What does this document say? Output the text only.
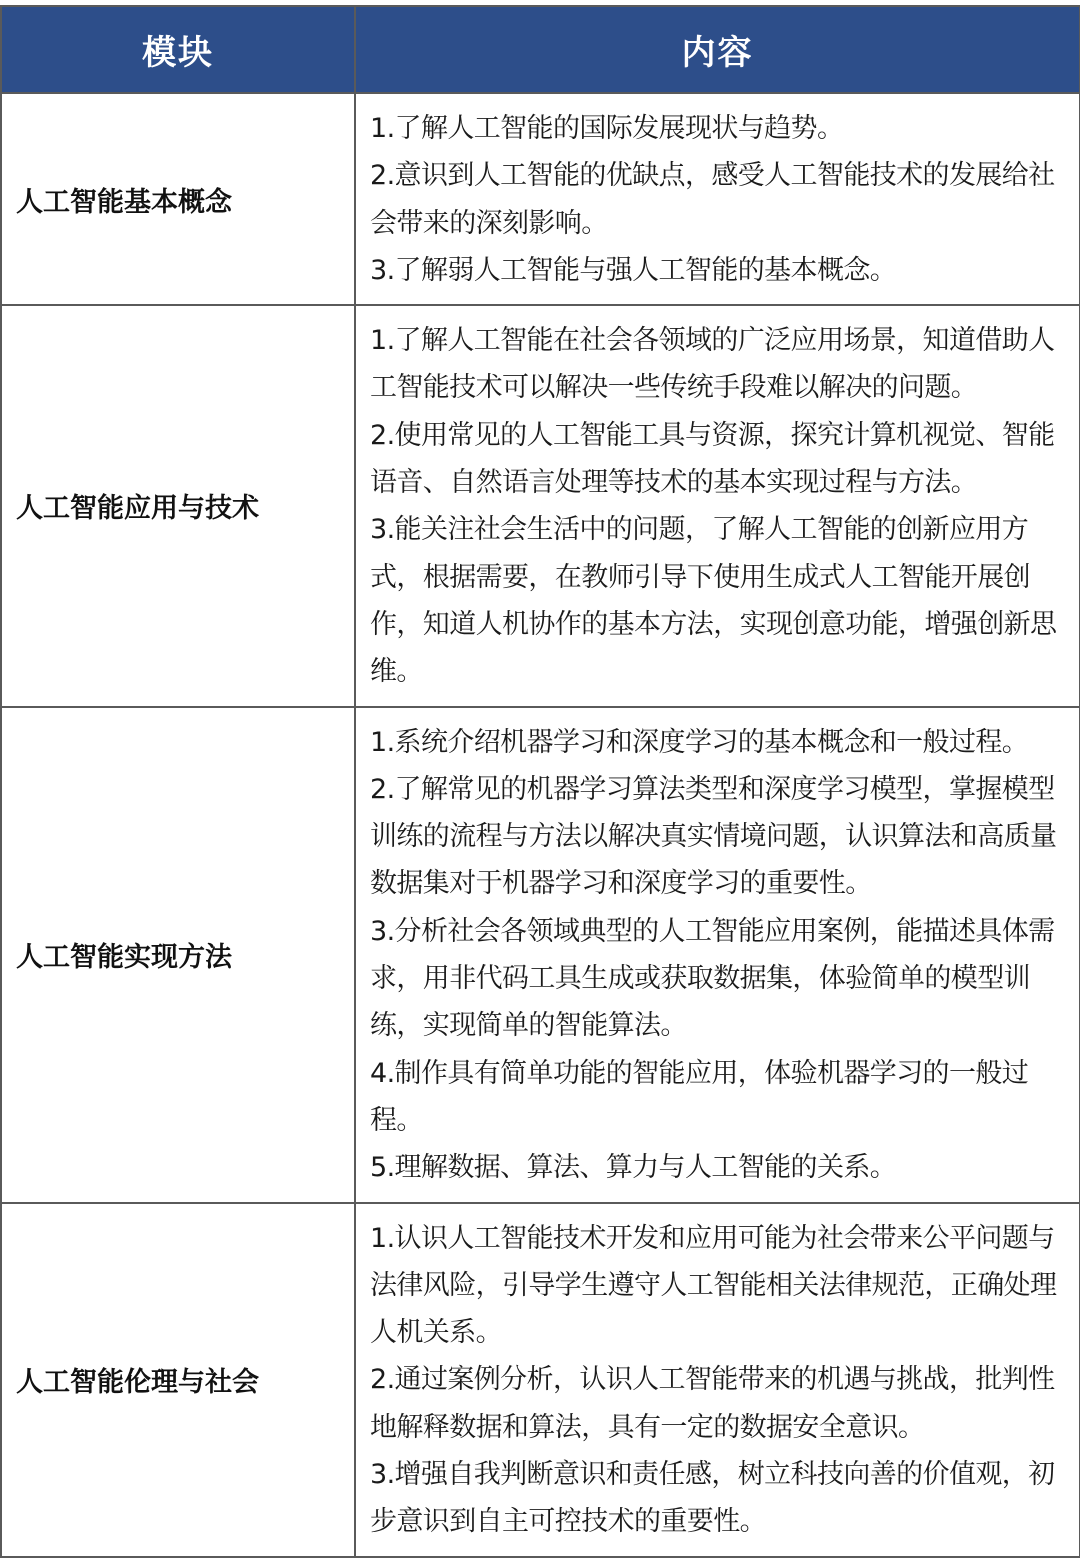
模块	内容
人工智能基本概念	1.了解人工智能的国际发展现状与趋势。
2.意识到人工智能的优缺点，感受人工智能技术的发展给社会带来的深刻影响。
3.了解弱人工智能与强人工智能的基本概念。

人工智能应用与技术	1.了解人工智能在社会各领域的广泛应用场景，知道借助人工智能技术可以解决一些传统手段难以解决的问题。
2.使用常见的人工智能工具与资源，探究计算机视觉、智能语音、自然语言处理等技术的基本实现过程与方法。
3.能关注社会生活中的问题，了解人工智能的创新应用方式，根据需要，在教师引导下使用生成式人工智能开展创作，知道人机协作的基本方法，实现创意功能，增强创新思维。

人工智能实现方法	1.系统介绍机器学习和深度学习的基本概念和一般过程。
2.了解常见的机器学习算法类型和深度学习模型，掌握模型训练的流程与方法以解决真实情境问题，认识算法和高质量数据集对于机器学习和深度学习的重要性。
3.分析社会各领域典型的人工智能应用案例，能描述具体需求，用非代码工具生成或获取数据集，体验简单的模型训练，实现简单的智能算法。
4.制作具有简单功能的智能应用，体验机器学习的一般过程。
5.理解数据、算法、算力与人工智能的关系。

人工智能伦理与社会	1.认识人工智能技术开发和应用可能为社会带来公平问题与法律风险，引导学生遵守人工智能相关法律规范，正确处理人机关系。
2.通过案例分析，认识人工智能带来的机遇与挑战，批判性地解释数据和算法，具有一定的数据安全意识。
3.增强自我判断意识和责任感，树立科技向善的价值观，初步意识到自主可控技术的重要性。
